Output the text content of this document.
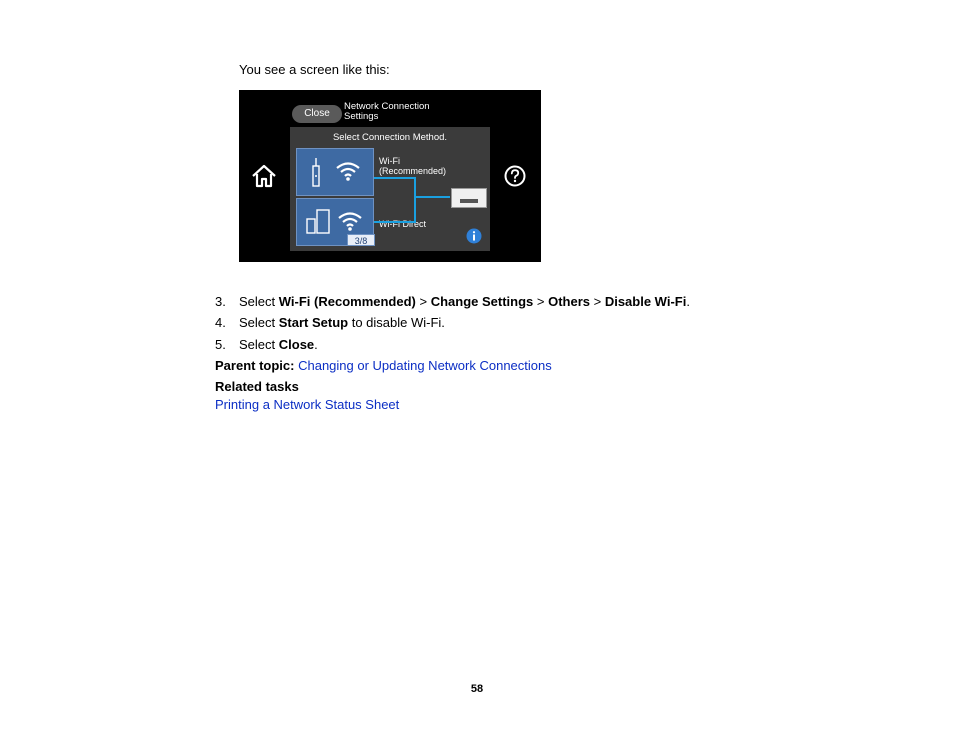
You see a screen like this:
Close
Network Connection Settings
Select Connection Method.
Wi-Fi (Recommended)
Wi-Fi Direct
3/8
3. Select Wi-Fi (Recommended) > Change Settings > Others > Disable Wi-Fi.
4. Select Start Setup to disable Wi-Fi.
5. Select Close.
Parent topic: Changing or Updating Network Connections
Related tasks
Printing a Network Status Sheet
58
